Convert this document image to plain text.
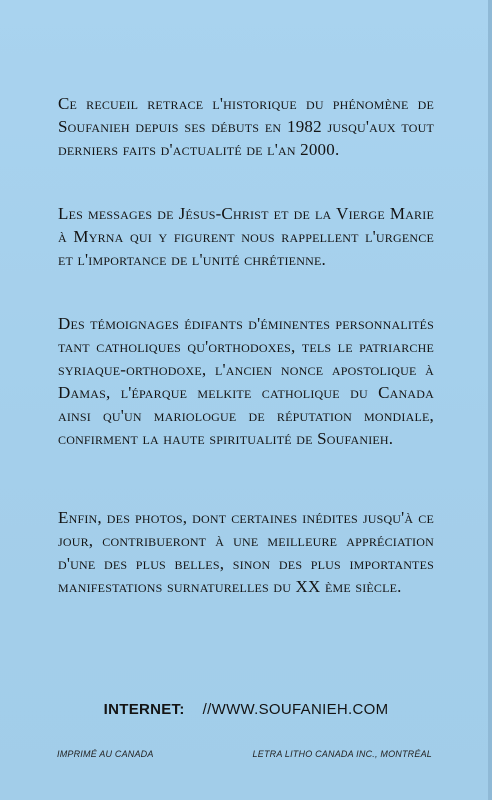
Ce recueil retrace l'historique du phénomène de Soufanieh depuis ses débuts en 1982 jusqu'aux tout derniers faits d'actualité de l'an 2000.

Les messages de Jésus-Christ et de la Vierge Marie à Myrna qui y figurent nous rappellent l'urgence et l'importance de l'unité chrétienne.

Des témoignages édifants d'éminentes personnalités tant catholiques qu'orthodoxes, tels le patriarche syriaque-orthodoxe, l'ancien nonce apostolique à Damas, l'éparque melkite catholique du Canada ainsi qu'un mariologue de réputation mondiale, confirment la haute spiritualité de Soufanieh.

Enfin, des photos, dont certaines inédites jusqu'à ce jour, contribueront à une meilleure appréciation d'une des plus belles, sinon des plus importantes manifestations surnaturelles du XX ème siècle.

INTERNET: //WWW.SOUFANIEH.COM
IMPRIMÉ AU CANADA	LETRA LITHO CANADA INC., MONTRÉAL
